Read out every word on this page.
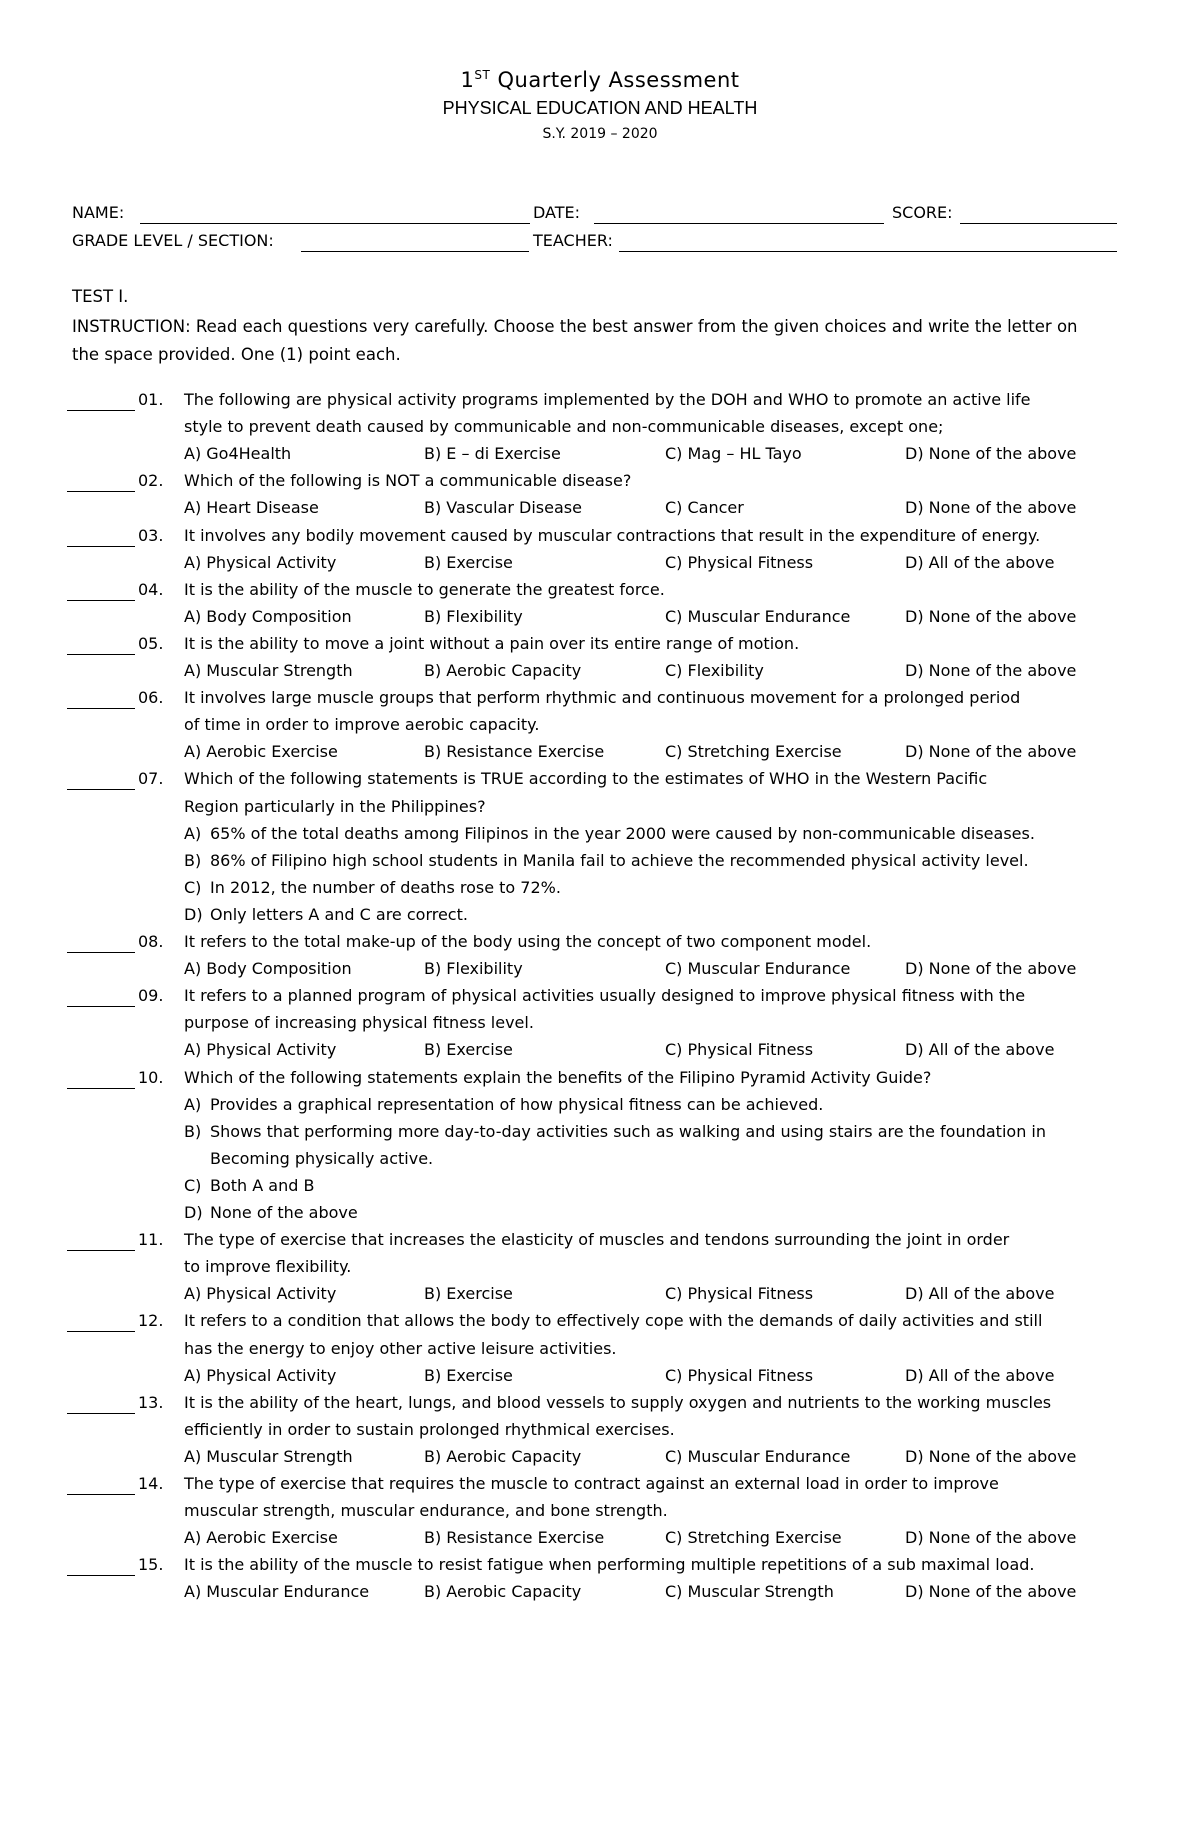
1ST Quarterly Assessment
PHYSICAL EDUCATION AND HEALTH
S.Y. 2019 – 2020
NAME:	DATE:	SCORE:
GRADE LEVEL / SECTION:	TEACHER:
TEST I.
INSTRUCTION: Read each questions very carefully. Choose the best answer from the given choices and write the letter on
the space provided. One (1) point each.
01. The following are physical activity programs implemented by the DOH and WHO to promote an active life
style to prevent death caused by communicable and non-communicable diseases, except one;
A) Go4Health	B) E – di Exercise	C) Mag – HL Tayo	D) None of the above
02. Which of the following is NOT a communicable disease?
A) Heart Disease	B) Vascular Disease	C) Cancer	D) None of the above
03. It involves any bodily movement caused by muscular contractions that result in the expenditure of energy.
A) Physical Activity	B) Exercise	C) Physical Fitness	D) All of the above
04. It is the ability of the muscle to generate the greatest force.
A) Body Composition	B) Flexibility	C) Muscular Endurance	D) None of the above
05. It is the ability to move a joint without a pain over its entire range of motion.
A) Muscular Strength	B) Aerobic Capacity	C) Flexibility	D) None of the above
06. It involves large muscle groups that perform rhythmic and continuous movement for a prolonged period
of time in order to improve aerobic capacity.
A) Aerobic Exercise	B) Resistance Exercise	C) Stretching Exercise	D) None of the above
07. Which of the following statements is TRUE according to the estimates of WHO in the Western Pacific
Region particularly in the Philippines?
A) 65% of the total deaths among Filipinos in the year 2000 were caused by non-communicable diseases.
B) 86% of Filipino high school students in Manila fail to achieve the recommended physical activity level.
C) In 2012, the number of deaths rose to 72%.
D) Only letters A and C are correct.
08. It refers to the total make-up of the body using the concept of two component model.
A) Body Composition	B) Flexibility	C) Muscular Endurance	D) None of the above
09. It refers to a planned program of physical activities usually designed to improve physical fitness with the
purpose of increasing physical fitness level.
A) Physical Activity	B) Exercise	C) Physical Fitness	D) All of the above
10. Which of the following statements explain the benefits of the Filipino Pyramid Activity Guide?
A) Provides a graphical representation of how physical fitness can be achieved.
B) Shows that performing more day-to-day activities such as walking and using stairs are the foundation in
Becoming physically active.
C) Both A and B
D) None of the above
11. The type of exercise that increases the elasticity of muscles and tendons surrounding the joint in order
to improve flexibility.
A) Physical Activity	B) Exercise	C) Physical Fitness	D) All of the above
12. It refers to a condition that allows the body to effectively cope with the demands of daily activities and still
has the energy to enjoy other active leisure activities.
A) Physical Activity	B) Exercise	C) Physical Fitness	D) All of the above
13. It is the ability of the heart, lungs, and blood vessels to supply oxygen and nutrients to the working muscles
efficiently in order to sustain prolonged rhythmical exercises.
A) Muscular Strength	B) Aerobic Capacity	C) Muscular Endurance	D) None of the above
14. The type of exercise that requires the muscle to contract against an external load in order to improve
muscular strength, muscular endurance, and bone strength.
A) Aerobic Exercise	B) Resistance Exercise	C) Stretching Exercise	D) None of the above
15. It is the ability of the muscle to resist fatigue when performing multiple repetitions of a sub maximal load.
A) Muscular Endurance	B) Aerobic Capacity	C) Muscular Strength	D) None of the above
